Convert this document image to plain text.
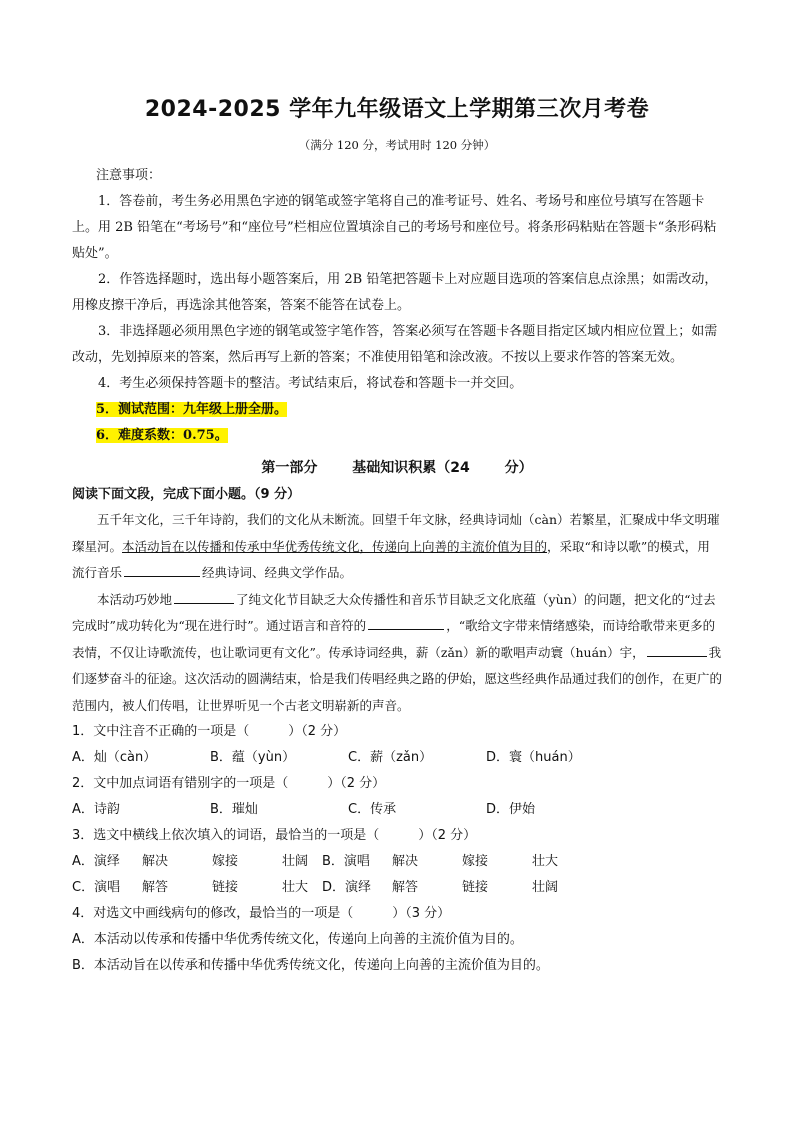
2024-2025 学年九年级语文上学期第三次月考卷

（满分 120 分，考试用时 120 分钟）

注意事项：

1．答卷前，考生务必用黑色字迹的钢笔或签字笔将自己的准考证号、姓名、考场号和座位号填写在答题卡上。用 2B 铅笔在“考场号”和“座位号”栏相应位置填涂自己的考场号和座位号。将条形码粘贴在答题卡“条形码粘贴处”。

2．作答选择题时，选出每小题答案后，用 2B 铅笔把答题卡上对应题目选项的答案信息点涂黑；如需改动，用橡皮擦干净后，再选涂其他答案，答案不能答在试卷上。

3．非选择题必须用黑色字迹的钢笔或签字笔作答，答案必须写在答题卡各题目指定区域内相应位置上；如需改动，先划掉原来的答案，然后再写上新的答案；不准使用铅笔和涂改液。不按以上要求作答的答案无效。

4．考生必须保持答题卡的整洁。考试结束后，将试卷和答题卡一并交回。

5．测试范围：九年级上册全册。

6．难度系数：0.75。

第一部分 基础知识积累（24 分）

阅读下面文段，完成下面小题。（9 分）

五千年文化，三千年诗韵，我们的文化从未断流。回望千年文脉，经典诗词灿（càn）若繁星，汇聚成中华文明璀璨星河。本活动旨在以传播和传承中华优秀传统文化，传递向上向善的主流价值为目的，采取“和诗以歌”的模式，用流行音乐	经典诗词、经典文学作品。

本活动巧妙地	了纯文化节目缺乏大众传播性和音乐节目缺乏文化底蕴（yùn）的问题，把文化的“过去完成时”成功转化为“现在进行时”。通过语言和音符的	，“歌给文字带来情绪感染，而诗给歌带来更多的表情，不仅让诗歌流传，也让歌词更有文化”。传承诗词经典，薪（zǎn）新的歌唱声动寰（huán）宇，	我们逐梦奋斗的征途。这次活动的圆满结束，恰是我们传唱经典之路的伊始，愿这些经典作品通过我们的创作，在更广的范围内，被人们传唱，让世界听见一个古老文明崭新的声音。

1．文中注音不正确的一项是（　　　）（2 分）

A．灿（càn）	B．蕴（yùn）	C．薪（zǎn）	D．寰（huán）

2．文中加点词语有错别字的一项是（　　　）（2 分）

A．诗韵	B．璀灿	C．传承	D．伊始

3．选文中横线上依次填入的词语，最恰当的一项是（　　　）（2 分）

A．演绎	解决	嫁接	壮阔	B．演唱	解决	嫁接	壮大
C．演唱	解答	链接	壮大	D．演绎	解答	链接	壮阔

4．对选文中画线病句的修改，最恰当的一项是（　　　）（3 分）

A．本活动以传承和传播中华优秀传统文化，传递向上向善的主流价值为目的。

B．本活动旨在以传承和传播中华优秀传统文化，传递向上向善的主流价值为目的。
